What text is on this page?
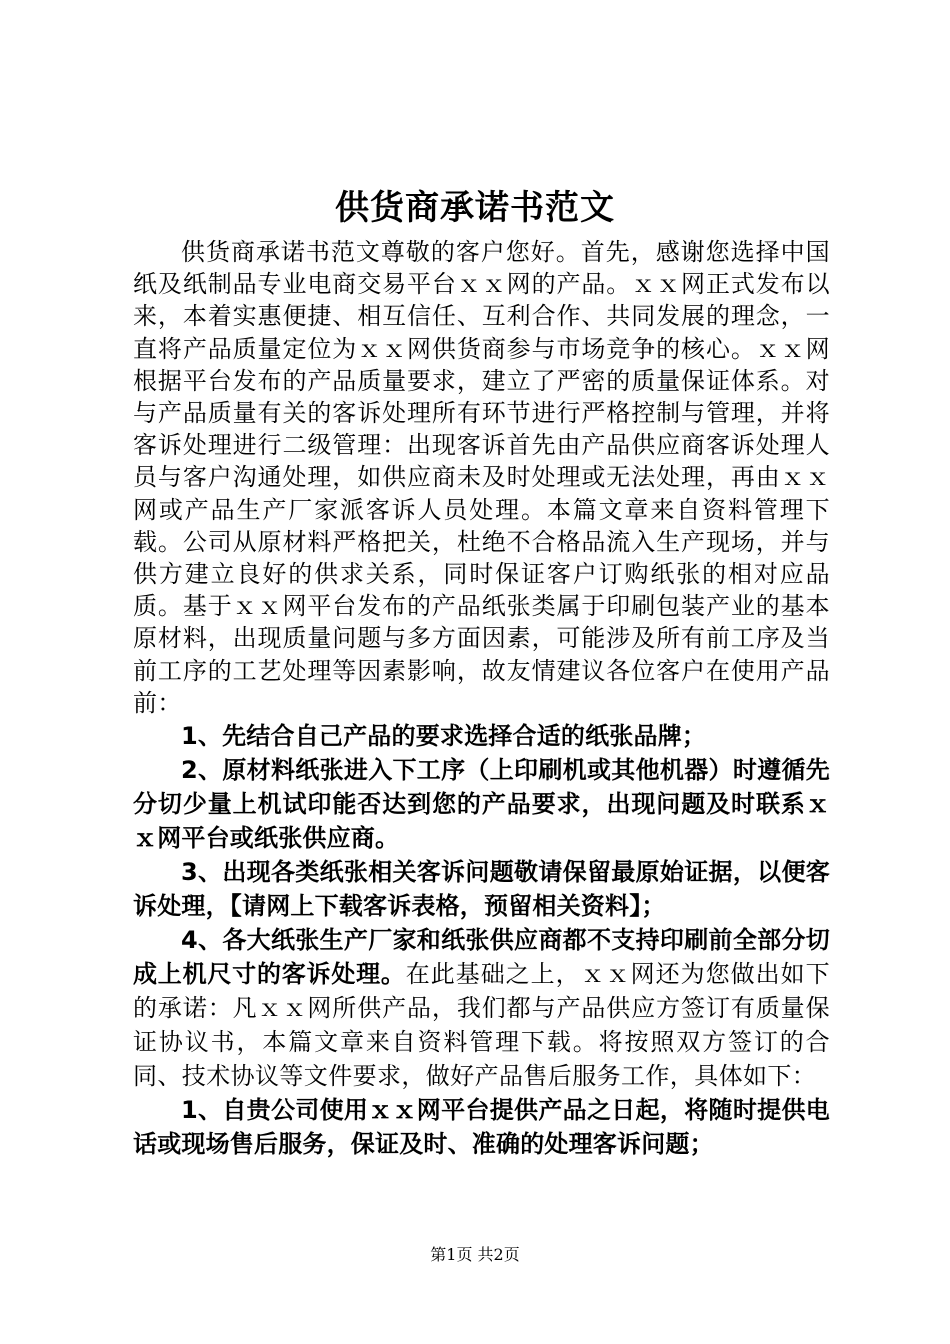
供货商承诺书范文

供货商承诺书范文尊敬的客户您好。首先，感谢您选择中国纸及纸制品专业电商交易平台ｘｘ网的产品。ｘｘ网正式发布以来，本着实惠便捷、相互信任、互利合作、共同发展的理念，一直将产品质量定位为ｘｘ网供货商参与市场竞争的核心。ｘｘ网根据平台发布的产品质量要求，建立了严密的质量保证体系。对与产品质量有关的客诉处理所有环节进行严格控制与管理，并将客诉处理进行二级管理：出现客诉首先由产品供应商客诉处理人员与客户沟通处理，如供应商未及时处理或无法处理，再由ｘｘ网或产品生产厂家派客诉人员处理。本篇文章来自资料管理下载。公司从原材料严格把关，杜绝不合格品流入生产现场，并与供方建立良好的供求关系，同时保证客户订购纸张的相对应品质。基于ｘｘ网平台发布的产品纸张类属于印刷包装产业的基本原材料，出现质量问题与多方面因素，可能涉及所有前工序及当前工序的工艺处理等因素影响，故友情建议各位客户在使用产品前：

1、先结合自己产品的要求选择合适的纸张品牌；

2、原材料纸张进入下工序（上印刷机或其他机器）时遵循先分切少量上机试印能否达到您的产品要求，出现问题及时联系ｘｘ网平台或纸张供应商。

3、出现各类纸张相关客诉问题敬请保留最原始证据，以便客诉处理，【请网上下载客诉表格，预留相关资料】；

4、各大纸张生产厂家和纸张供应商都不支持印刷前全部分切成上机尺寸的客诉处理。在此基础之上，ｘｘ网还为您做出如下的承诺：凡ｘｘ网所供产品，我们都与产品供应方签订有质量保证协议书，本篇文章来自资料管理下载。将按照双方签订的合同、技术协议等文件要求，做好产品售后服务工作，具体如下：

1、自贵公司使用ｘｘ网平台提供产品之日起，将随时提供电话或现场售后服务，保证及时、准确的处理客诉问题；

第1页 共2页
